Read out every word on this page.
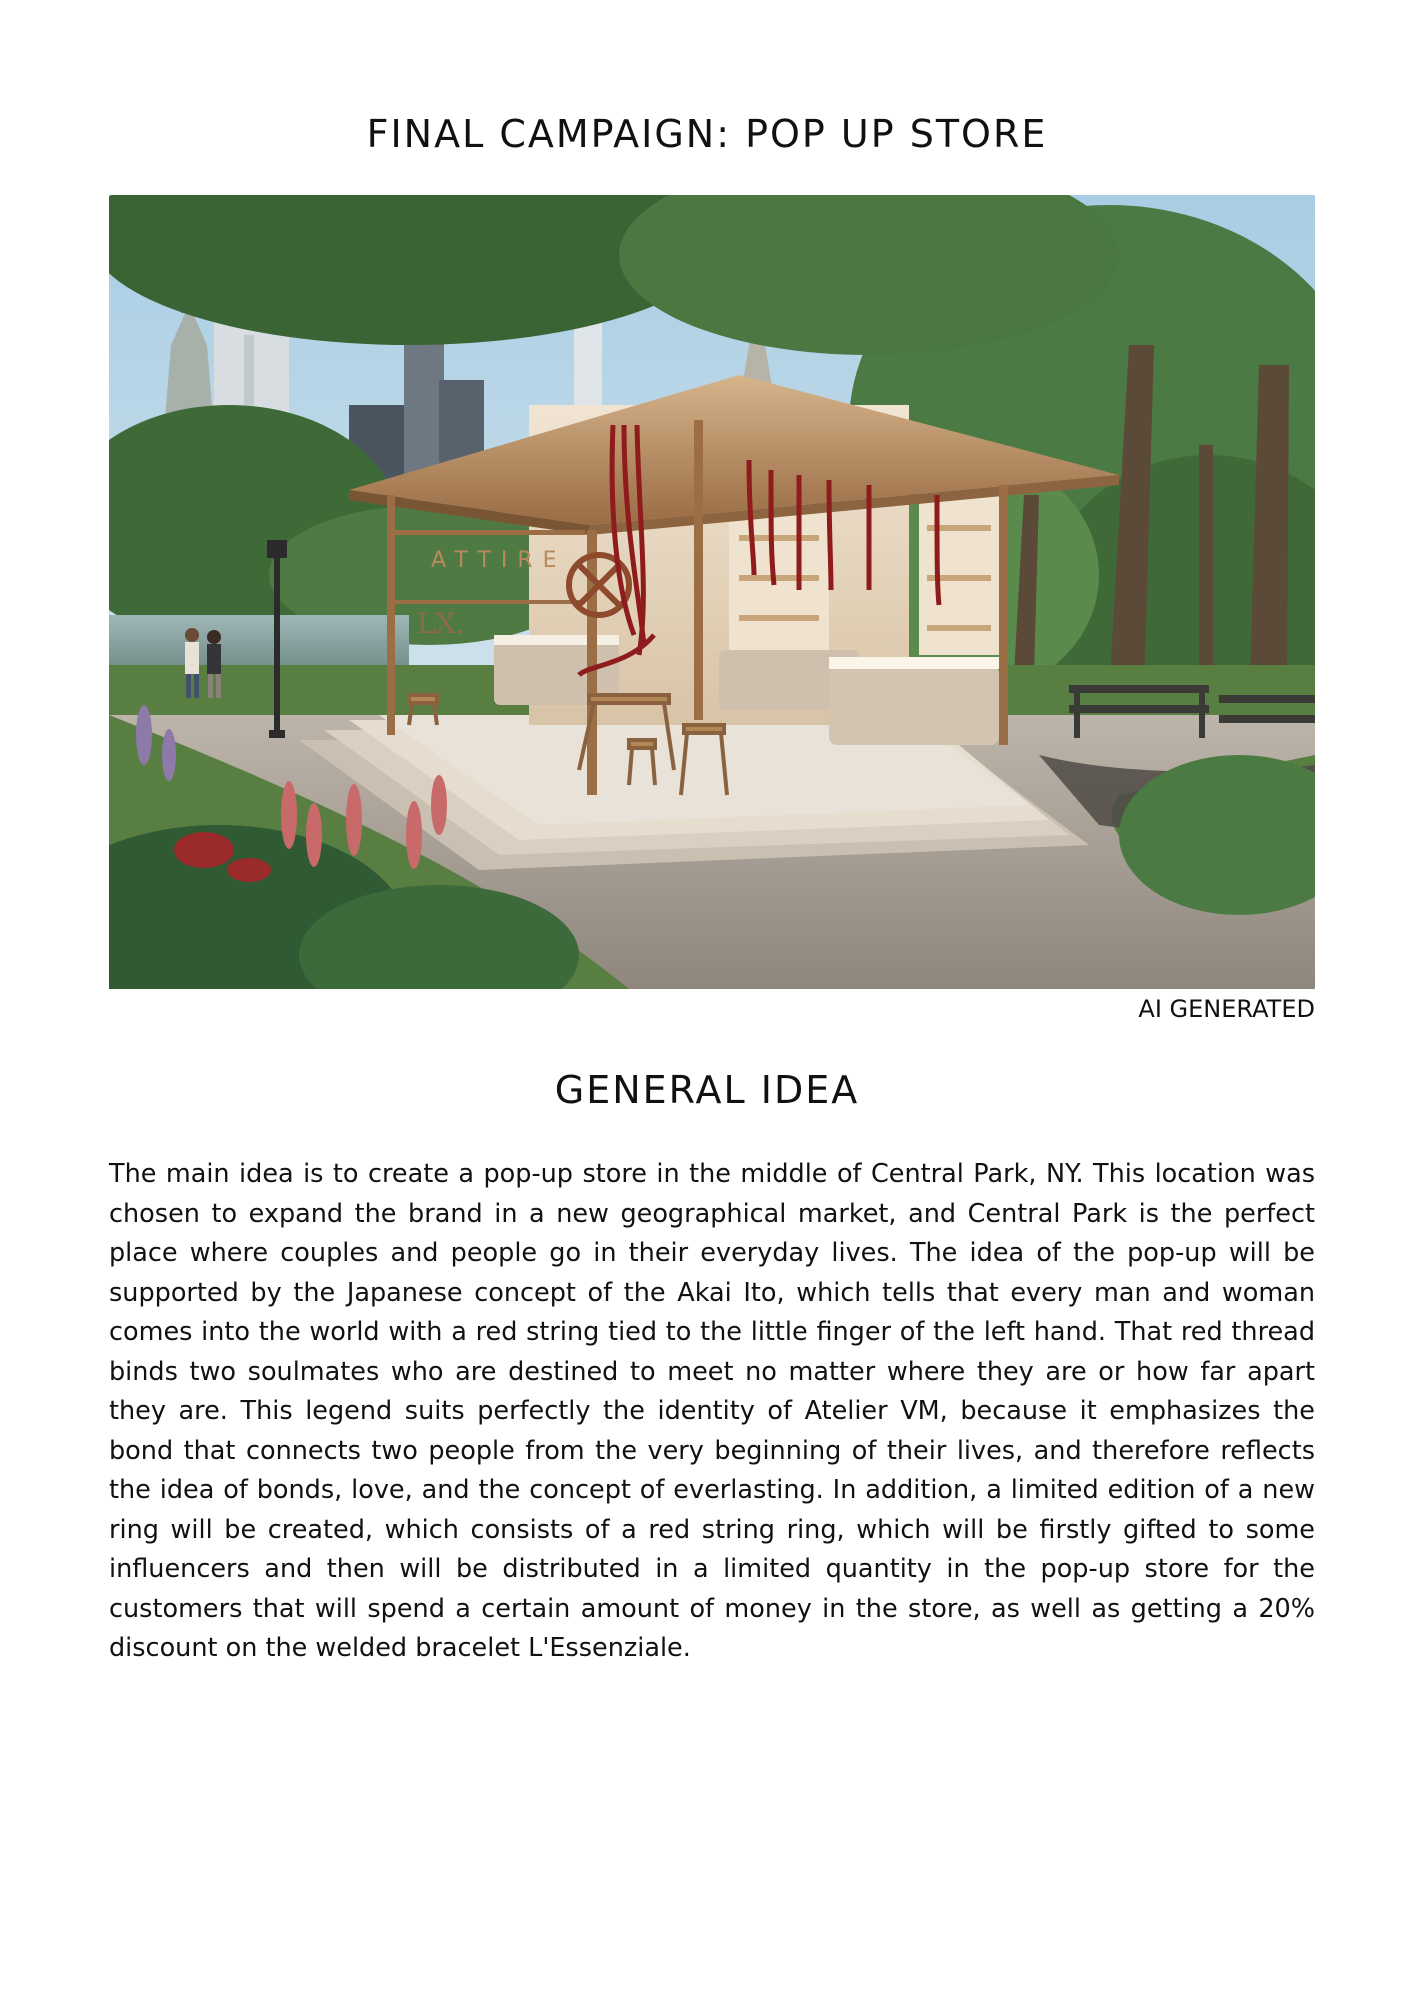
FINAL CAMPAIGN: POP UP STORE
ATTIRE
LX.
AI GENERATED
GENERAL IDEA

The main idea is to create a pop-up store in the middle of Central Park, NY. This location was chosen to expand the brand in a new geographical market, and Central Park is the perfect place where couples and people go in their everyday lives. The idea of the pop-up will be supported by the Japanese concept of the Akai Ito, which tells that every man and woman comes into the world with a red string tied to the little finger of the left hand. That red thread binds two soulmates who are destined to meet no matter where they are or how far apart they are. This legend suits perfectly the identity of Atelier VM, because it emphasizes the bond that connects two people from the very beginning of their lives, and therefore reflects the idea of bonds, love, and the concept of everlasting. In addition, a limited edition of a new ring will be created, which consists of a red string ring, which will be firstly gifted to some influencers and then will be distributed in a limited quantity in the pop-up store for the customers that will spend a certain amount of money in the store, as well as getting a 20% discount on the welded bracelet L'Essenziale.
